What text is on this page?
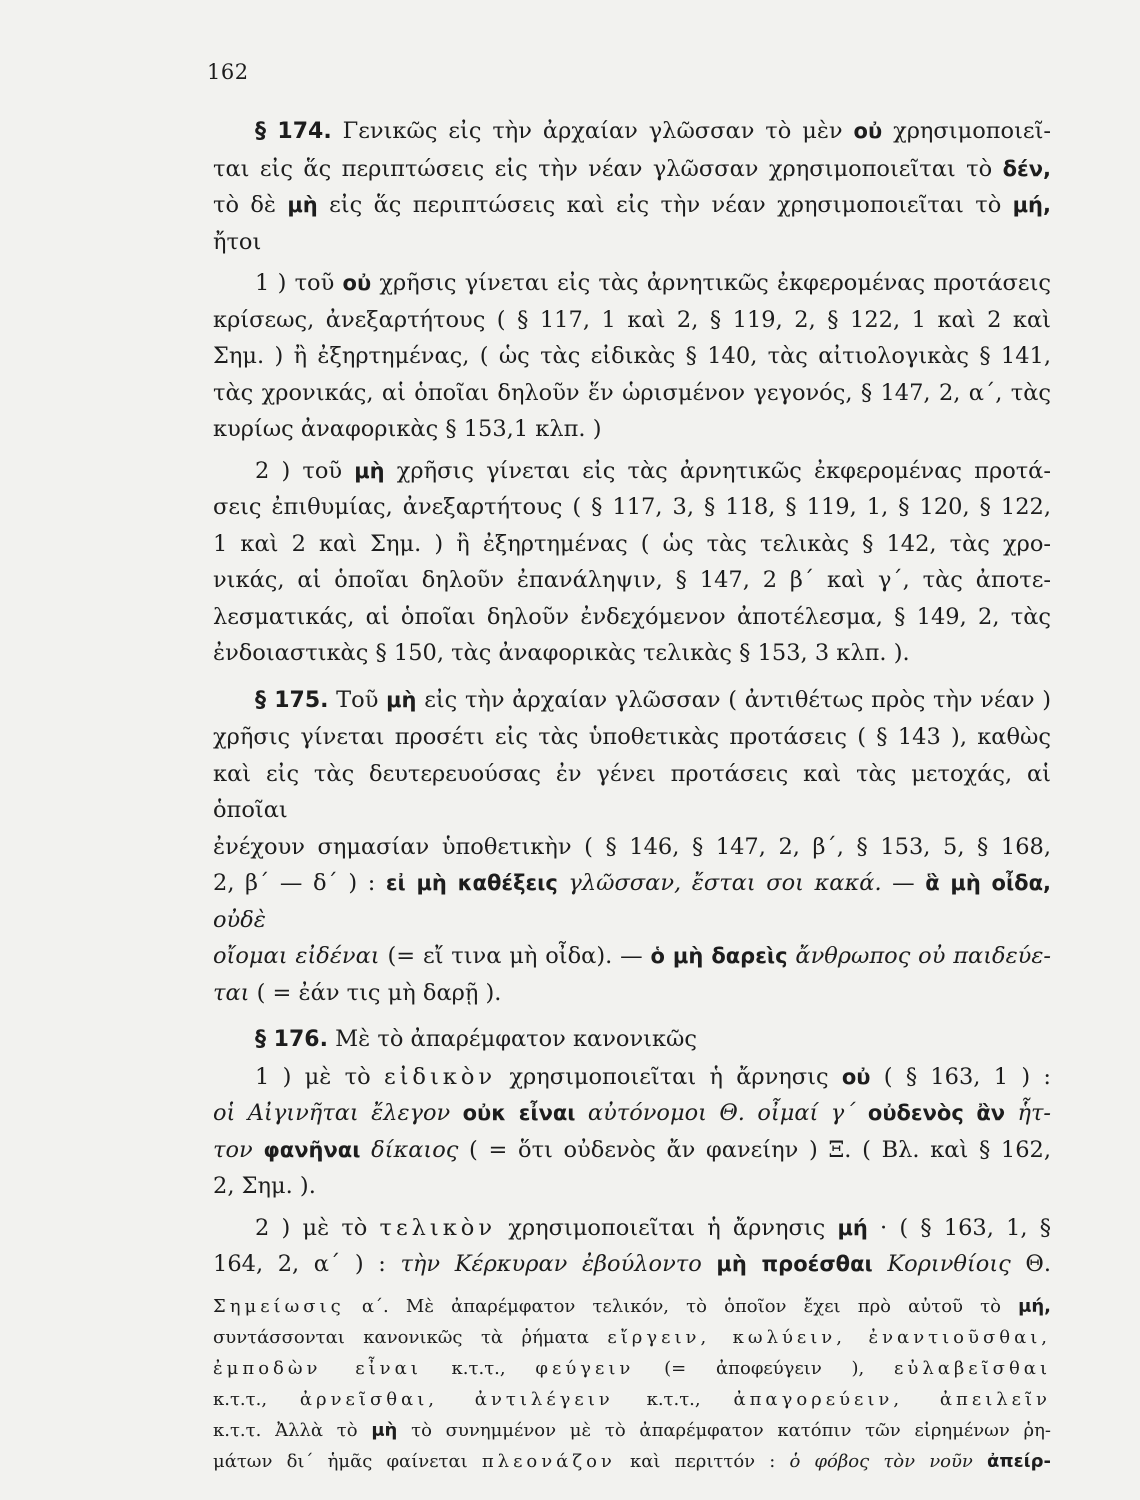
162
§ 174. Γενικῶς εἰς τὴν ἀρχαίαν γλῶσσαν τὸ μὲν οὐ χρησιμοποιεῖ-
ται εἰς ἅς περιπτώσεις εἰς τὴν νέαν γλῶσσαν χρησιμοποιεῖται τὸ δέν,
τὸ δὲ μὴ εἰς ἅς περιπτώσεις καὶ εἰς τὴν νέαν χρησιμοποιεῖται τὸ μή,
ἤτοι
1 ) τοῦ οὐ χρῆσις γίνεται εἰς τὰς ἀρνητικῶς ἐκφερομένας προτάσεις
κρίσεως, ἀνεξαρτήτους ( § 117, 1 καὶ 2, § 119, 2, § 122, 1 καὶ 2 καὶ
Σημ. ) ἢ ἐξηρτημένας, ( ὡς τὰς εἰδικὰς § 140, τὰς αἰτιολογικὰς § 141,
τὰς χρονικάς, αἱ ὁποῖαι δηλοῦν ἕν ὡρισμένον γεγονός, § 147, 2, α΄, τὰς
κυρίως ἀναφορικὰς § 153,1 κλπ. )
2 ) τοῦ μὴ χρῆσις γίνεται εἰς τὰς ἀρνητικῶς ἐκφερομένας προτά-
σεις ἐπιθυμίας, ἀνεξαρτήτους ( § 117, 3, § 118, § 119, 1, § 120, § 122,
1 καὶ 2 καὶ Σημ. ) ἢ ἐξηρτημένας ( ὡς τὰς τελικὰς § 142, τὰς χρο-
νικάς, αἱ ὁποῖαι δηλοῦν ἐπανάληψιν, § 147, 2 β΄ καὶ γ΄, τὰς ἀποτε-
λεσματικάς, αἱ ὁποῖαι δηλοῦν ἐνδεχόμενον ἀποτέλεσμα, § 149, 2, τὰς
ἐνδοιαστικὰς § 150, τὰς ἀναφορικὰς τελικὰς § 153, 3 κλπ. ).
§ 175. Τοῦ μὴ εἰς τὴν ἀρχαίαν γλῶσσαν ( ἀντιθέτως πρὸς τὴν νέαν )
χρῆσις γίνεται προσέτι εἰς τὰς ὑποθετικὰς προτάσεις ( § 143 ), καθὼς
καὶ εἰς τὰς δευτερευούσας ἐν γένει προτάσεις καὶ τὰς μετοχάς, αἱ ὁποῖαι
ἐνέχουν σημασίαν ὑποθετικὴν ( § 146, § 147, 2, β΄, § 153, 5, § 168,
2, β΄ — δ΄ ) : εἰ μὴ καθέξεις γλῶσσαν, ἔσται σοι κακά. — ἃ μὴ οἶδα, οὐδὲ
οἴομαι εἰδέναι (= εἴ τινα μὴ οἶδα). — ὁ μὴ δαρεὶς ἄνθρωπος οὐ παιδεύε-
ται ( = ἐάν τις μὴ δαρῇ ).
§ 176. Μὲ τὸ ἀπαρέμφατον κανονικῶς
1 ) μὲ τὸ εἰδικὸν χρησιμοποιεῖται ἡ ἄρνησις οὐ ( § 163, 1 ) :
οἱ Αἰγινῆται ἔλεγον οὐκ εἶναι αὐτόνομοι Θ. οἶμαί γ΄ οὐδενὸς ἂν ἧτ-
τον φανῆναι δίκαιος ( = ὅτι οὐδενὸς ἄν φανείην ) Ξ. ( Βλ. καὶ § 162,
2, Σημ. ).
2 ) μὲ τὸ τελικὸν χρησιμοποιεῖται ἡ ἄρνησις μή · ( § 163, 1, §
164, 2, α΄ ) : τὴν Κέρκυραν ἐβούλοντο μὴ προέσθαι Κορινθίοις Θ.
Σημείωσις α΄. Μὲ ἀπαρέμφατον τελικόν, τὸ ὁποῖον ἔχει πρὸ αὐτοῦ τὸ μή,
συντάσσονται κανονικῶς τὰ ῥήματα εἴργειν, κωλύειν, ἐναντιοῦσθαι,
ἐμποδὼν εἶναι κ.τ.τ., φεύγειν (= ἀποφεύγειν ), εὐλαβεῖσθαι
κ.τ.τ., ἀρνεῖσθαι, ἀντιλέγειν κ.τ.τ., ἀπαγορεύειν, ἀπειλεῖν
κ.τ.τ. Ἀλλὰ τὸ μὴ τὸ συνημμένον μὲ τὸ ἀπαρέμφατον κατόπιν τῶν εἰρημένων ῥη-
μάτων δι΄ ἡμᾶς φαίνεται πλεονάζον καὶ περιττόν : ὁ φόβος τὸν νοῦν ἀπείρ-
